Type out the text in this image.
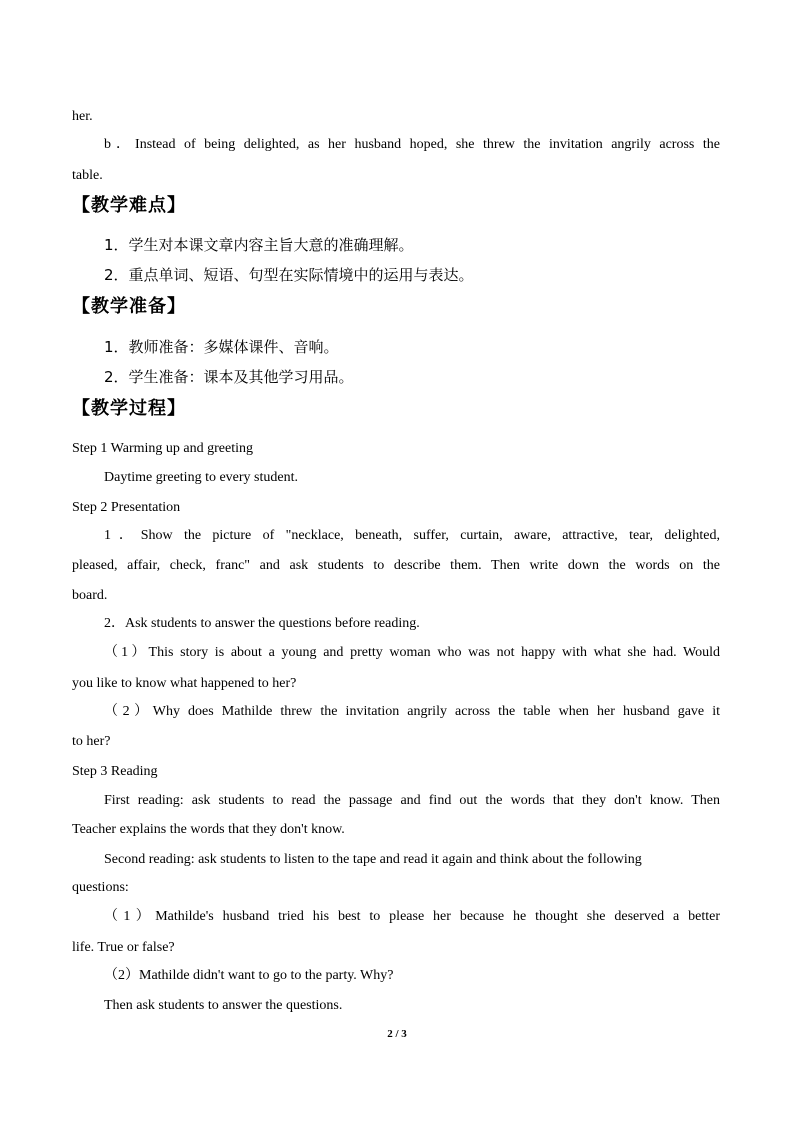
her.
b．Instead of being delighted, as her husband hoped, she threw the invitation angrily across the
table.
【教学难点】
1．学生对本课文章内容主旨大意的准确理解。
2．重点单词、短语、句型在实际情境中的运用与表达。
【教学准备】
1．教师准备：多媒体课件、音响。
2．学生准备：课本及其他学习用品。
【教学过程】
Step 1 Warming up and greeting
Daytime greeting to every student.
Step 2 Presentation
1．Show the picture of "necklace, beneath, suffer, curtain, aware, attractive, tear, delighted,
pleased, affair, check, franc" and ask students to describe them. Then write down the words on the
board.
2．Ask students to answer the questions before reading.
（1）This story is about a young and pretty woman who was not happy with what she had. Would
you like to know what happened to her?
（2）Why does Mathilde threw the invitation angrily across the table when her husband gave it
to her?
Step 3 Reading
First reading: ask students to read the passage and find out the words that they don't know. Then
Teacher explains the words that they don't know.
Second reading: ask students to listen to the tape and read it again and think about the following
questions:
（1）Mathilde's husband tried his best to please her because he thought she deserved a better
life. True or false?
（2）Mathilde didn't want to go to the party. Why?
Then ask students to answer the questions.
2 / 3
